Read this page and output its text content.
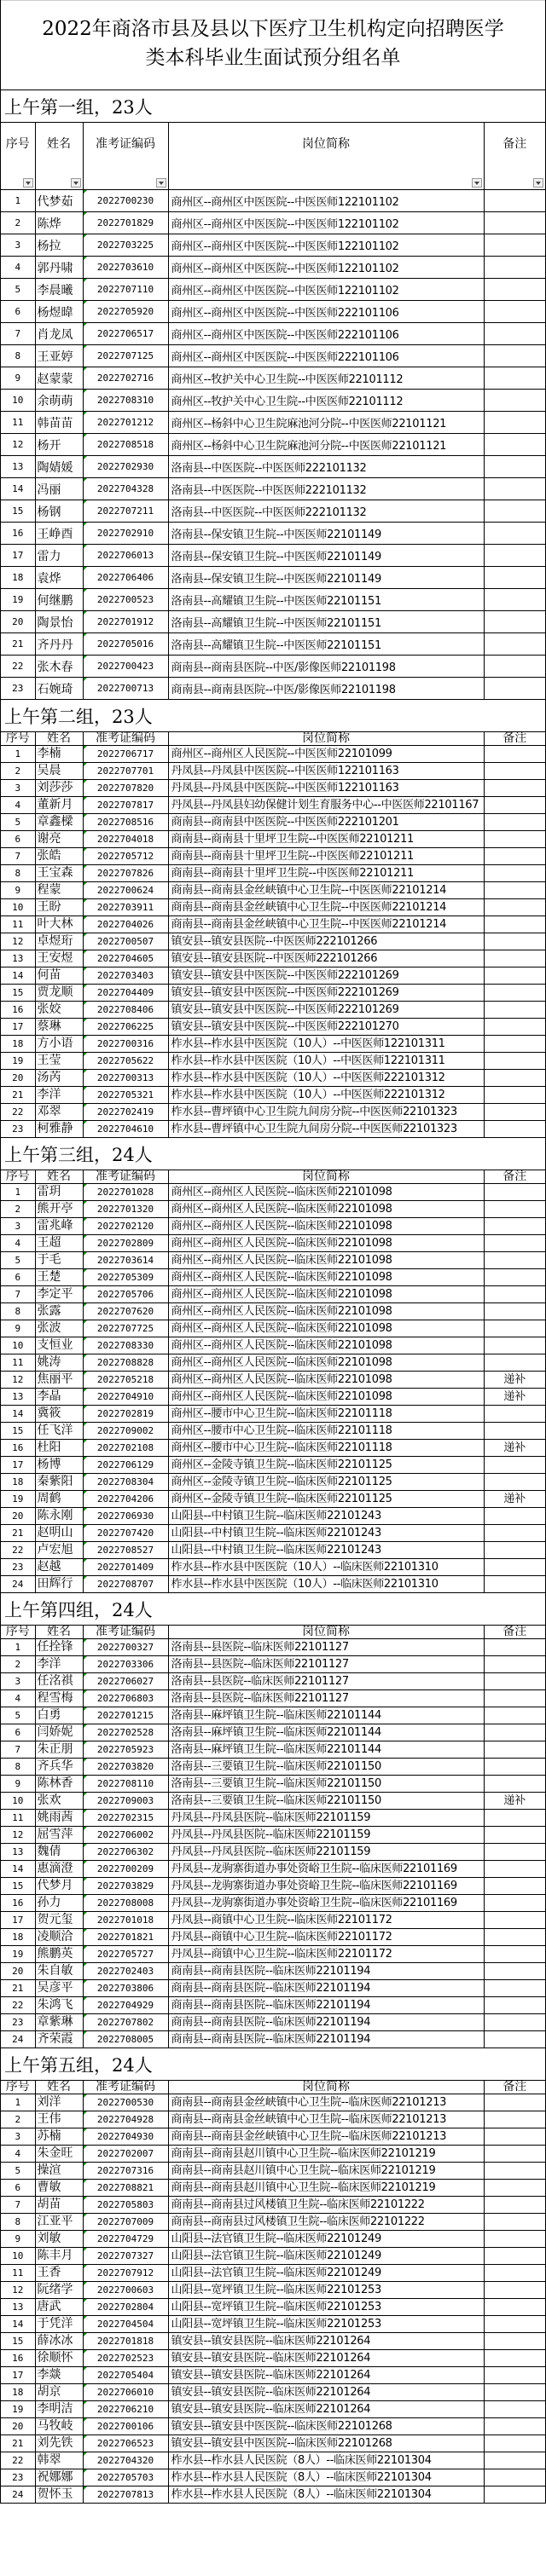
2022年商洛市县及县以下医疗卫生机构定向招聘医学
类本科毕业生面试预分组名单
上午第一组，23人
序号	姓名	准考证编码	岗位简称	备注

1	代梦茹	2022700230	商州区--商州区中医医院--中医医师122101102	
2	陈烨	2022701829	商州区--商州区中医医院--中医医师122101102	
3	杨拉	2022703225	商州区--商州区中医医院--中医医师122101102	
4	郭丹啸	2022703610	商州区--商州区中医医院--中医医师122101102	
5	李晨曦	2022707110	商州区--商州区中医医院--中医医师122101102	
6	杨煜暐	2022705920	商州区--商州区中医医院--中医医师222101106	
7	肖龙凤	2022706517	商州区--商州区中医医院--中医医师222101106	
8	王亚婷	2022707125	商州区--商州区中医医院--中医医师222101106	
9	赵蒙蒙	2022702716	商州区--牧护关中心卫生院--中医医师22101112	
10	余萌萌	2022708310	商州区--牧护关中心卫生院--中医医师22101112	
11	韩苗苗	2022701212	商州区--杨斜中心卫生院麻池河分院--中医医师22101121	
12	杨开	2022708518	商州区--杨斜中心卫生院麻池河分院--中医医师22101121	
13	陶婧媛	2022702930	洛南县--中医医院--中医医师222101132	
14	冯丽	2022704328	洛南县--中医医院--中医医师222101132	
15	杨钢	2022707211	洛南县--中医医院--中医医师222101132	
16	王峥酉	2022702910	洛南县--保安镇卫生院--中医医师22101149	
17	雷力	2022706013	洛南县--保安镇卫生院--中医医师22101149	
18	袁烨	2022706406	洛南县--保安镇卫生院--中医医师22101149	
19	何继鹏	2022700523	洛南县--高耀镇卫生院--中医医师22101151	
20	陶景怡	2022701912	洛南县--高耀镇卫生院--中医医师22101151	
21	齐丹丹	2022705016	洛南县--高耀镇卫生院--中医医师22101151	
22	张木春	2022700423	商南县--商南县医院--中医/影像医师22101198	
23	石婉琦	2022700713	商南县--商南县医院--中医/影像医师22101198	
上午第二组，23人
序号	姓名	准考证编码	岗位简称	备注
1	李楠	2022706717	商州区--商州区人民医院--中医医师22101099	
2	吴晨	2022707701	丹凤县--丹凤县中医医院--中医医师122101163	
3	刘莎莎	2022707820	丹凤县--丹凤县中医医院--中医医师122101163	
4	董新月	2022707817	丹凤县--丹凤县妇幼保健计划生育服务中心--中医医师22101167	
5	章鑫樑	2022708516	商南县--商南县中医医院--中医医师222101201	
6	谢亮	2022704018	商南县--商南县十里坪卫生院--中医医师22101211	
7	张皓	2022705712	商南县--商南县十里坪卫生院--中医医师22101211	
8	王宝森	2022707826	商南县--商南县十里坪卫生院--中医医师22101211	
9	程蒙	2022700624	商南县--商南县金丝峡镇中心卫生院--中医医师22101214	
10	王盼	2022703911	商南县--商南县金丝峡镇中心卫生院--中医医师22101214	
11	叶大林	2022704026	商南县--商南县金丝峡镇中心卫生院--中医医师22101214	
12	卓煜珩	2022700507	镇安县--镇安县医院--中医医师222101266	
13	王安煜	2022704605	镇安县--镇安县医院--中医医师222101266	
14	何苗	2022703403	镇安县--镇安县中医医院--中医医师222101269	
15	贾龙顺	2022704409	镇安县--镇安县中医医院--中医医师222101269	
16	张姣	2022708406	镇安县--镇安县中医医院--中医医师222101269	
17	蔡琳	2022706225	镇安县--镇安县中医医院--中医医师222101270	
18	方小语	2022700316	柞水县--柞水县中医医院（10人）--中医医师122101311	
19	王莹	2022705622	柞水县--柞水县中医医院（10人）--中医医师122101311	
20	汤芮	2022700313	柞水县--柞水县中医医院（10人）--中医医师222101312	
21	李洋	2022705321	柞水县--柞水县中医医院（10人）--中医医师222101312	
22	邓翠	2022702419	柞水县--曹坪镇中心卫生院九间房分院--中医医师22101323	
23	柯雅静	2022704610	柞水县--曹坪镇中心卫生院九间房分院--中医医师22101323	
上午第三组，24人
序号	姓名	准考证编码	岗位简称	备注
1	雷玥	2022701028	商州区--商州区人民医院--临床医师22101098	
2	熊开亭	2022701320	商州区--商州区人民医院--临床医师22101098	
3	雷兆峰	2022702120	商州区--商州区人民医院--临床医师22101098	
4	王超	2022702809	商州区--商州区人民医院--临床医师22101098	
5	于毛	2022703614	商州区--商州区人民医院--临床医师22101098	
6	王楚	2022705309	商州区--商州区人民医院--临床医师22101098	
7	李定平	2022705706	商州区--商州区人民医院--临床医师22101098	
8	张露	2022707620	商州区--商州区人民医院--临床医师22101098	
9	张波	2022707725	商州区--商州区人民医院--临床医师22101098	
10	支恒业	2022708330	商州区--商州区人民医院--临床医师22101098	
11	姚涛	2022708828	商州区--商州区人民医院--临床医师22101098	
12	焦丽平	2022705218	商州区--商州区人民医院--临床医师22101098	递补
13	李晶	2022704910	商州区--商州区人民医院--临床医师22101098	递补
14	冀筱	2022702819	商州区--腰市中心卫生院--临床医师22101118	
15	任飞洋	2022709002	商州区--腰市中心卫生院--临床医师22101118	
16	杜阳	2022702108	商州区--腰市中心卫生院--临床医师22101118	递补
17	杨博	2022706129	商州区--金陵寺镇卫生院--临床医师22101125	
18	秦紫阳	2022708304	商州区--金陵寺镇卫生院--临床医师22101125	
19	周鹤	2022704206	商州区--金陵寺镇卫生院--临床医师22101125	递补
20	陈永刚	2022706930	山阳县--中村镇卫生院--临床医师22101243	
21	赵明山	2022707420	山阳县--中村镇卫生院--临床医师22101243	
22	卢宏旭	2022708527	山阳县--中村镇卫生院--临床医师22101243	
23	赵越	2022701409	柞水县--柞水县中医医院（10人）--临床医师22101310	
24	田辉行	2022708707	柞水县--柞水县中医医院（10人）--临床医师22101310	
上午第四组，24人
序号	姓名	准考证编码	岗位简称	备注
1	任拴锋	2022700327	洛南县--县医院--临床医师22101127	
2	李洋	2022703306	洛南县--县医院--临床医师22101127	
3	任洺祺	2022706027	洛南县--县医院--临床医师22101127	
4	程雪梅	2022706803	洛南县--县医院--临床医师22101127	
5	白勇	2022701215	洛南县--麻坪镇卫生院--临床医师22101144	
6	闫娇妮	2022702528	洛南县--麻坪镇卫生院--临床医师22101144	
7	朱正朋	2022705923	洛南县--麻坪镇卫生院--临床医师22101144	
8	齐兵华	2022703820	洛南县--三要镇卫生院--临床医师22101150	
9	陈林香	2022708110	洛南县--三要镇卫生院--临床医师22101150	
10	张欢	2022709003	洛南县--三要镇卫生院--临床医师22101150	递补
11	姚雨茜	2022702315	丹凤县--丹凤县医院--临床医师22101159	
12	屈雪萍	2022706002	丹凤县--丹凤县医院--临床医师22101159	
13	魏倩	2022706302	丹凤县--丹凤县医院--临床医师22101159	
14	惠滴澄	2022700209	丹凤县--龙驹寨街道办事处资峪卫生院--临床医师22101169	
15	代梦月	2022703829	丹凤县--龙驹寨街道办事处资峪卫生院--临床医师22101169	
16	孙力	2022708008	丹凤县--龙驹寨街道办事处资峪卫生院--临床医师22101169	
17	贺元玺	2022701018	丹凤县--商镇中心卫生院--临床医师22101172	
18	凌顺洽	2022701821	丹凤县--商镇中心卫生院--临床医师22101172	
19	熊鹏英	2022705727	丹凤县--商镇中心卫生院--临床医师22101172	
20	朱自敏	2022702403	商南县--商南县医院--临床医师22101194	
21	吴彦平	2022703806	商南县--商南县医院--临床医师22101194	
22	朱鸿飞	2022704929	商南县--商南县医院--临床医师22101194	
23	章紫琳	2022707802	商南县--商南县医院--临床医师22101194	
24	齐荣霞	2022708005	商南县--商南县医院--临床医师22101194	
上午第五组，24人
序号	姓名	准考证编码	岗位简称	备注
1	刘洋	2022700530	商南县--商南县金丝峡镇中心卫生院--临床医师22101213	
2	王伟	2022704928	商南县--商南县金丝峡镇中心卫生院--临床医师22101213	
3	苏楠	2022704930	商南县--商南县金丝峡镇中心卫生院--临床医师22101213	
4	朱金旺	2022702007	商南县--商南县赵川镇中心卫生院--临床医师22101219	
5	操渲	2022707316	商南县--商南县赵川镇中心卫生院--临床医师22101219	
6	曹敏	2022708821	商南县--商南县赵川镇中心卫生院--临床医师22101219	
7	胡苗	2022705803	商南县--商南县过风楼镇卫生院--临床医师22101222	
8	江亚平	2022707009	商南县--商南县过风楼镇卫生院--临床医师22101222	
9	刘敏	2022704729	山阳县--法官镇卫生院--临床医师22101249	
10	陈丰月	2022707327	山阳县--法官镇卫生院--临床医师22101249	
11	王香	2022707912	山阳县--法官镇卫生院--临床医师22101249	
12	阮绪学	2022700603	山阳县--宽坪镇卫生院--临床医师22101253	
13	唐武	2022702804	山阳县--宽坪镇卫生院--临床医师22101253	
14	于凭洋	2022704504	山阳县--宽坪镇卫生院--临床医师22101253	
15	薛冰冰	2022701818	镇安县--镇安县医院--临床医师22101264	
16	徐顺怀	2022702523	镇安县--镇安县医院--临床医师22101264	
17	李燚	2022705404	镇安县--镇安县医院--临床医师22101264	
18	胡京	2022706010	镇安县--镇安县医院--临床医师22101264	
19	李明洁	2022706210	镇安县--镇安县医院--临床医师22101264	
20	马牧岐	2022700106	镇安县--镇安县中医医院--临床医师22101268	
21	刘先铁	2022706523	镇安县--镇安县中医医院--临床医师22101268	
22	韩翠	2022704320	柞水县--柞水县人民医院（8人）--临床医师22101304	
23	祝娜娜	2022705703	柞水县--柞水县人民医院（8人）--临床医师22101304	
24	贺怀玉	2022707813	柞水县--柞水县人民医院（8人）--临床医师22101304	
